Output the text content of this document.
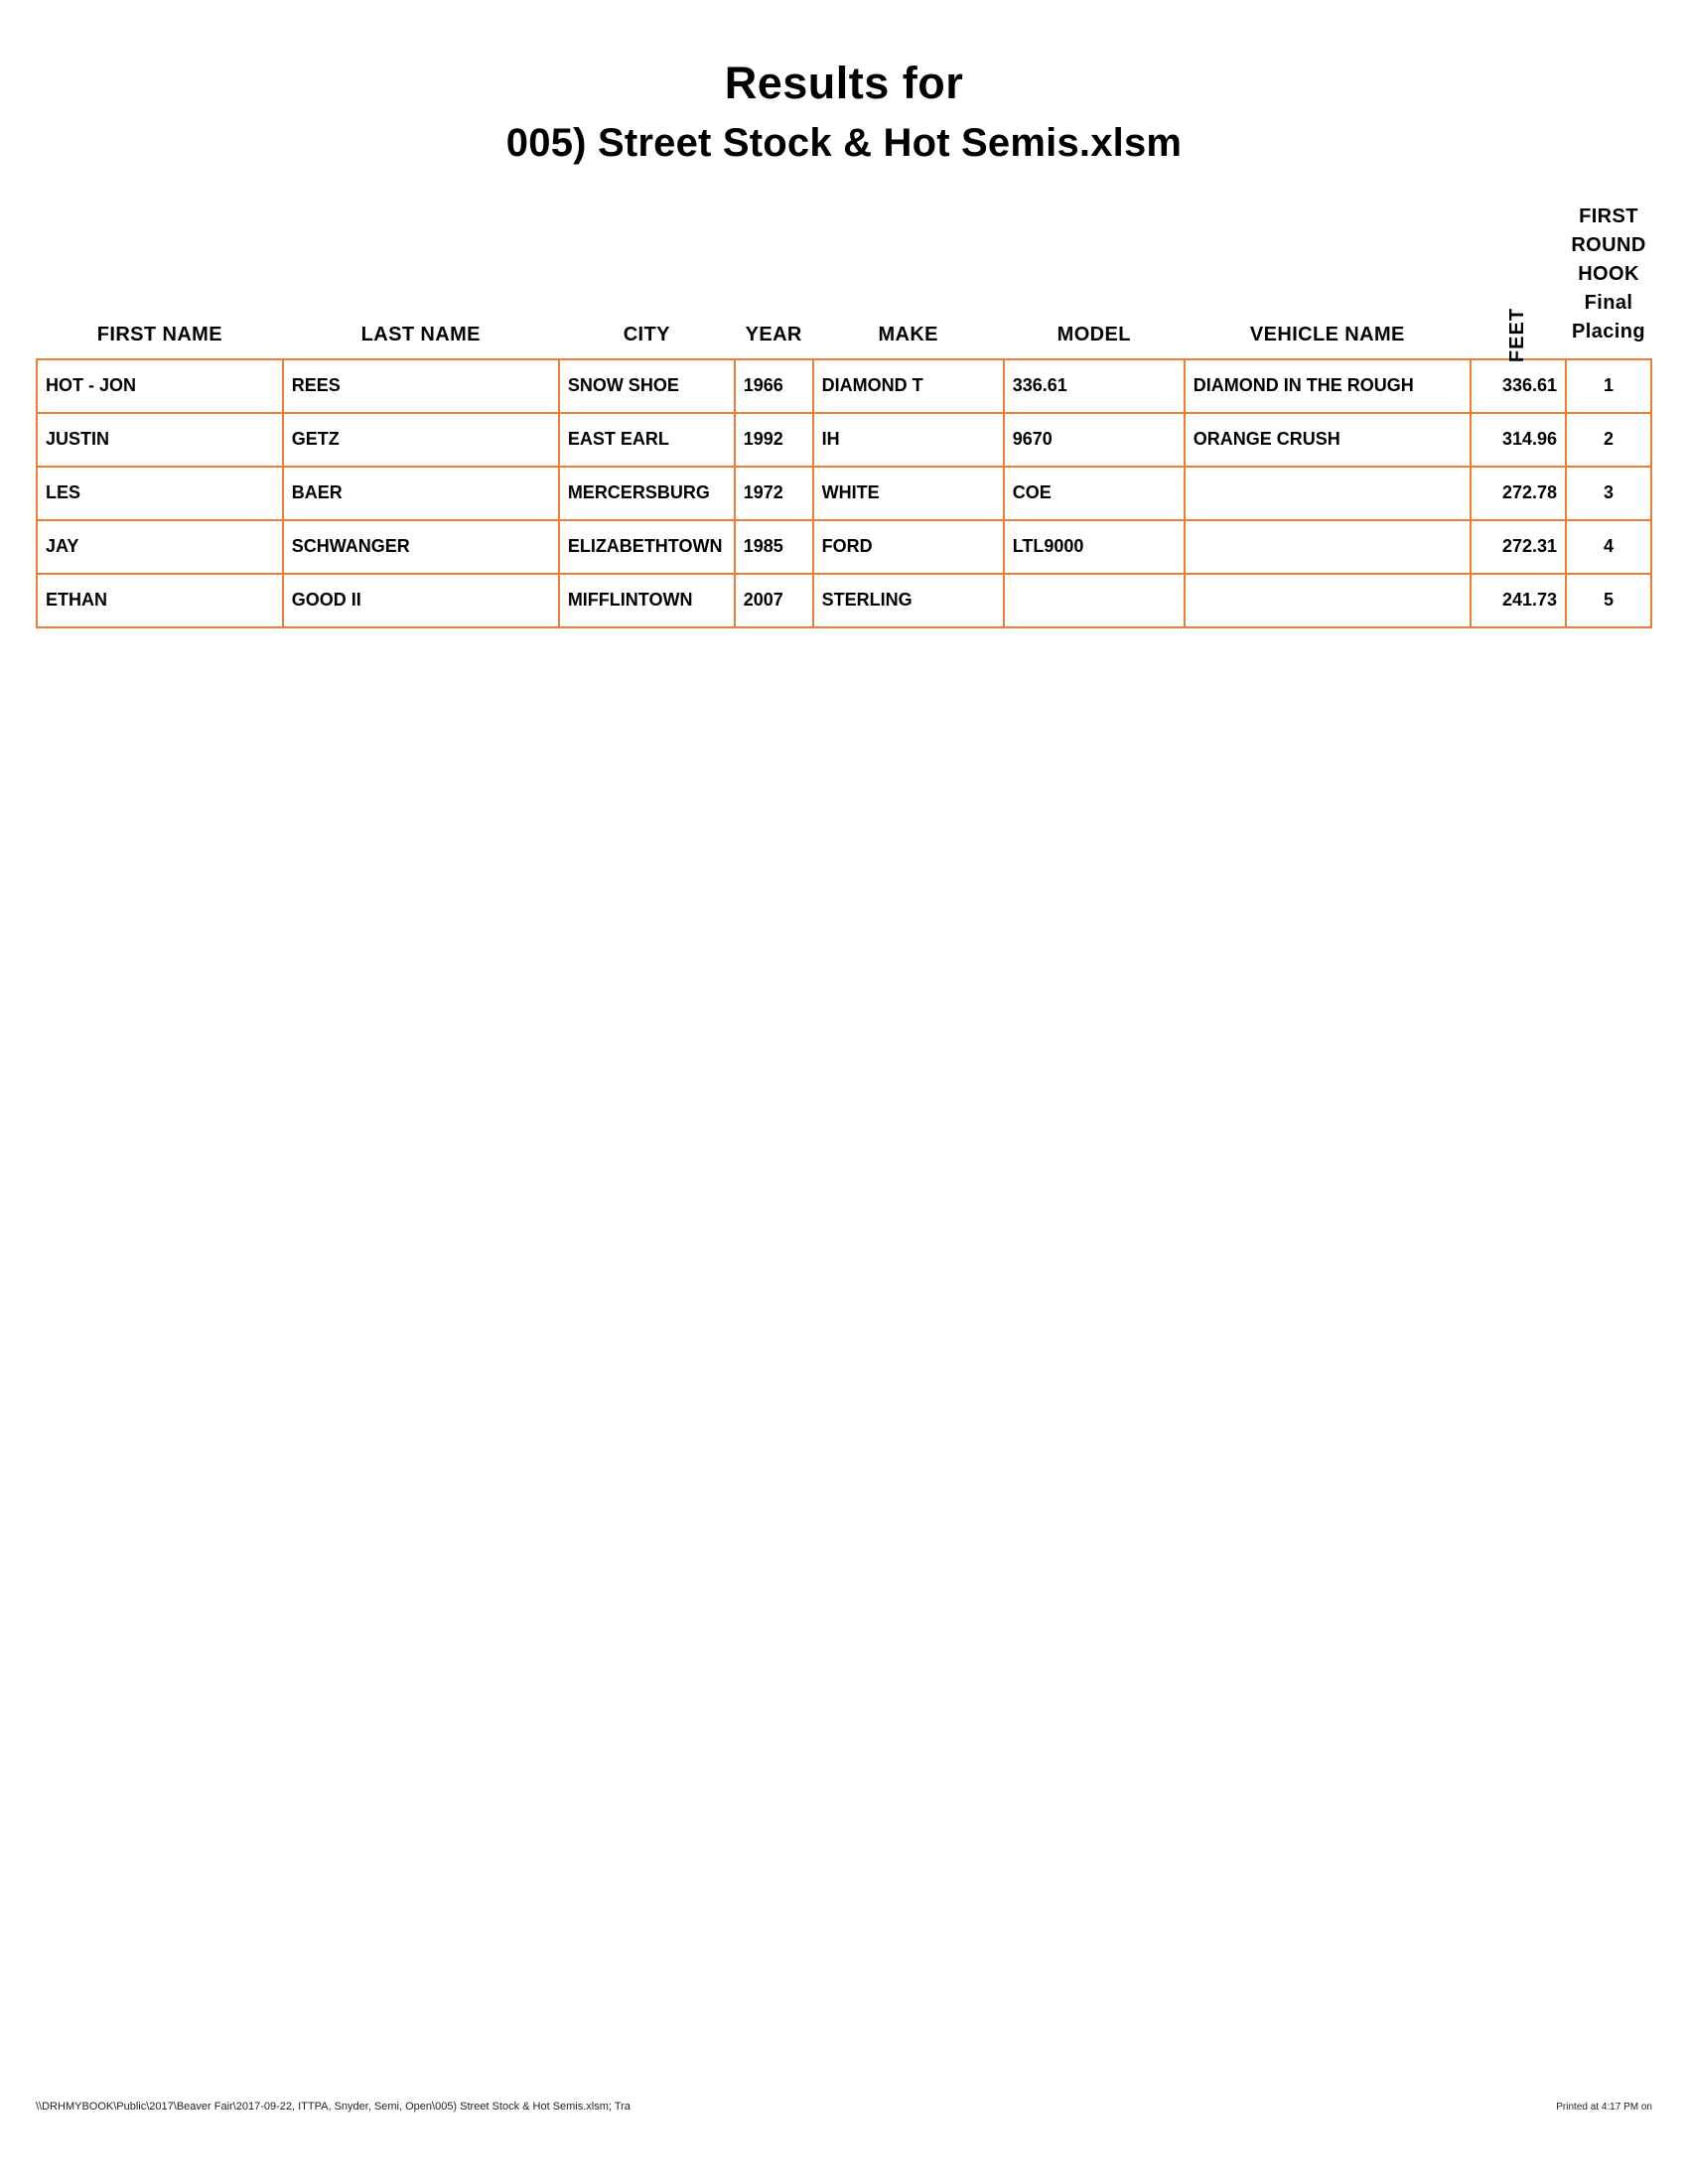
Results for
005) Street Stock & Hot Semis.xlsm
FIRST NAME	LAST NAME	CITY	YEAR	MAKE	MODEL	VEHICLE NAME	FEET	FIRST
ROUND
HOOK
Final
Placing

HOT - JON	REES	SNOW SHOE	1966	DIAMOND T	336.61	DIAMOND IN THE ROUGH	336.61	1
JUSTIN	GETZ	EAST EARL	1992	IH	9670	ORANGE CRUSH	314.96	2
LES	BAER	MERCERSBURG	1972	WHITE	COE		272.78	3
JAY	SCHWANGER	ELIZABETHTOWN	1985	FORD	LTL9000		272.31	4
ETHAN	GOOD II	MIFFLINTOWN	2007	STERLING			241.73	5
\\DRHMYBOOK\Public\2017\Beaver Fair\2017-09-22, ITTPA, Snyder, Semi, Open\005) Street Stock & Hot Semis.xlsm; Tra	Printed at 4:17 PM on
